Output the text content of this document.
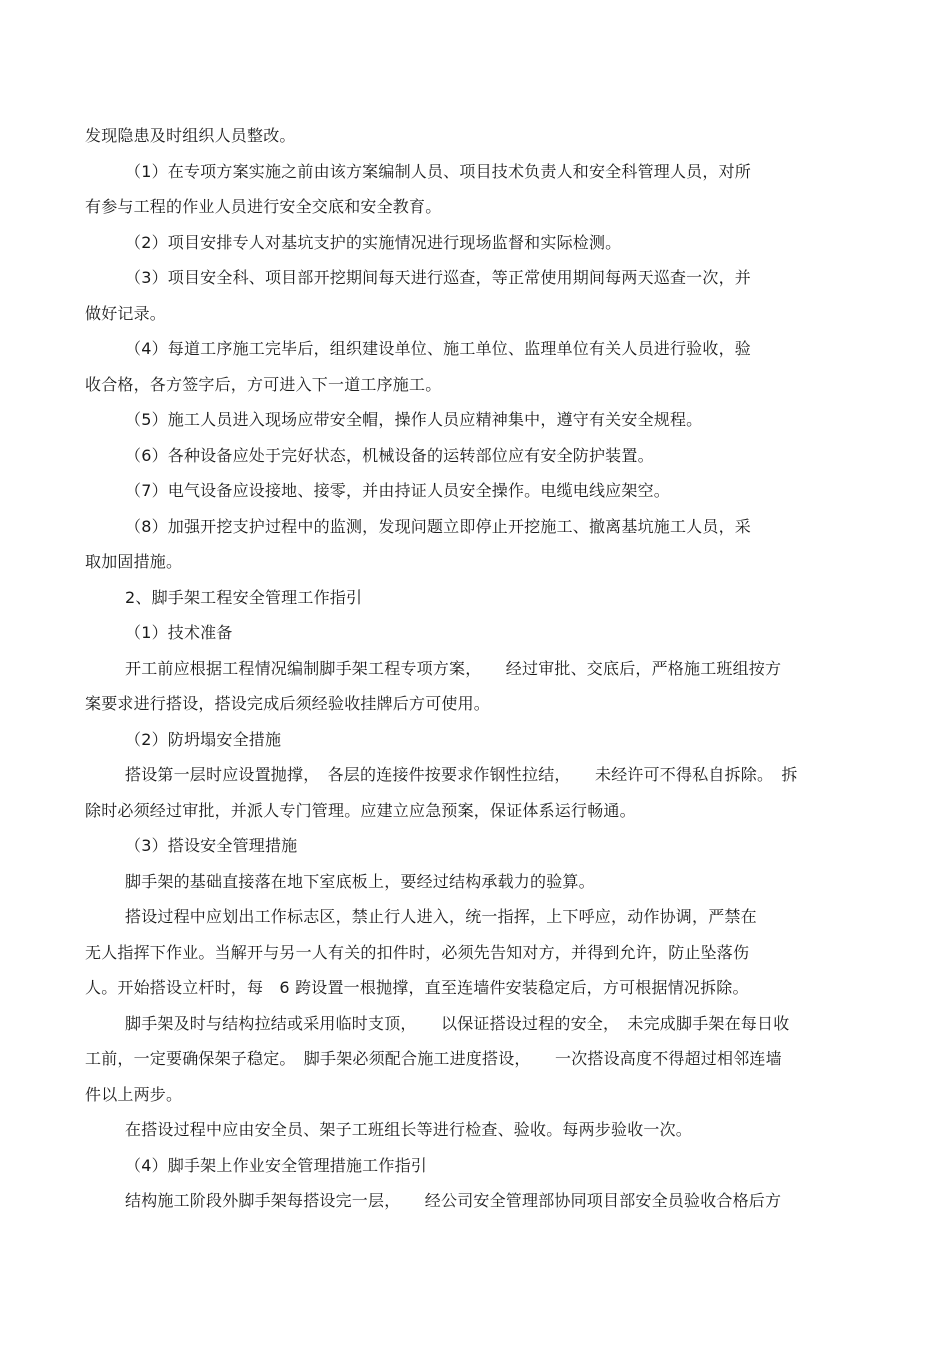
发现隐患及时组织人员整改。
（1）在专项方案实施之前由该方案编制人员、项目技术负责人和安全科管理人员，对所
有参与工程的作业人员进行安全交底和安全教育。
（2）项目安排专人对基坑支护的实施情况进行现场监督和实际检测。
（3）项目安全科、项目部开挖期间每天进行巡查，等正常使用期间每两天巡查一次，并
做好记录。
（4）每道工序施工完毕后，组织建设单位、施工单位、监理单位有关人员进行验收，验
收合格，各方签字后，方可进入下一道工序施工。
（5）施工人员进入现场应带安全帽，操作人员应精神集中，遵守有关安全规程。
（6）各种设备应处于完好状态，机械设备的运转部位应有安全防护装置。
（7）电气设备应设接地、接零，并由持证人员安全操作。电缆电线应架空。
（8）加强开挖支护过程中的监测，发现问题立即停止开挖施工、撤离基坑施工人员，采
取加固措施。
2、脚手架工程安全管理工作指引
（1）技术准备
开工前应根据工程情况编制脚手架工程专项方案，　　经过审批、交底后，严格施工班组按方
案要求进行搭设，搭设完成后须经验收挂牌后方可使用。
（2）防坍塌安全措施
搭设第一层时应设置抛撑，　各层的连接件按要求作钢性拉结，　　未经许可不得私自拆除。　拆
除时必须经过审批，并派人专门管理。应建立应急预案，保证体系运行畅通。
（3）搭设安全管理措施
脚手架的基础直接落在地下室底板上，要经过结构承载力的验算。
搭设过程中应划出工作标志区，禁止行人进入，统一指挥，上下呼应，动作协调，严禁在
无人指挥下作业。当解开与另一人有关的扣件时，必须先告知对方，并得到允许，防止坠落伤
人。开始搭设立杆时，每　6 跨设置一根抛撑，直至连墙件安装稳定后，方可根据情况拆除。
脚手架及时与结构拉结或采用临时支顶，　　以保证搭设过程的安全，　未完成脚手架在每日收
工前，一定要确保架子稳定。　脚手架必须配合施工进度搭设，　　一次搭设高度不得超过相邻连墙
件以上两步。
在搭设过程中应由安全员、架子工班组长等进行检查、验收。每两步验收一次。
（4）脚手架上作业安全管理措施工作指引
结构施工阶段外脚手架每搭设完一层，　　经公司安全管理部协同项目部安全员验收合格后方
